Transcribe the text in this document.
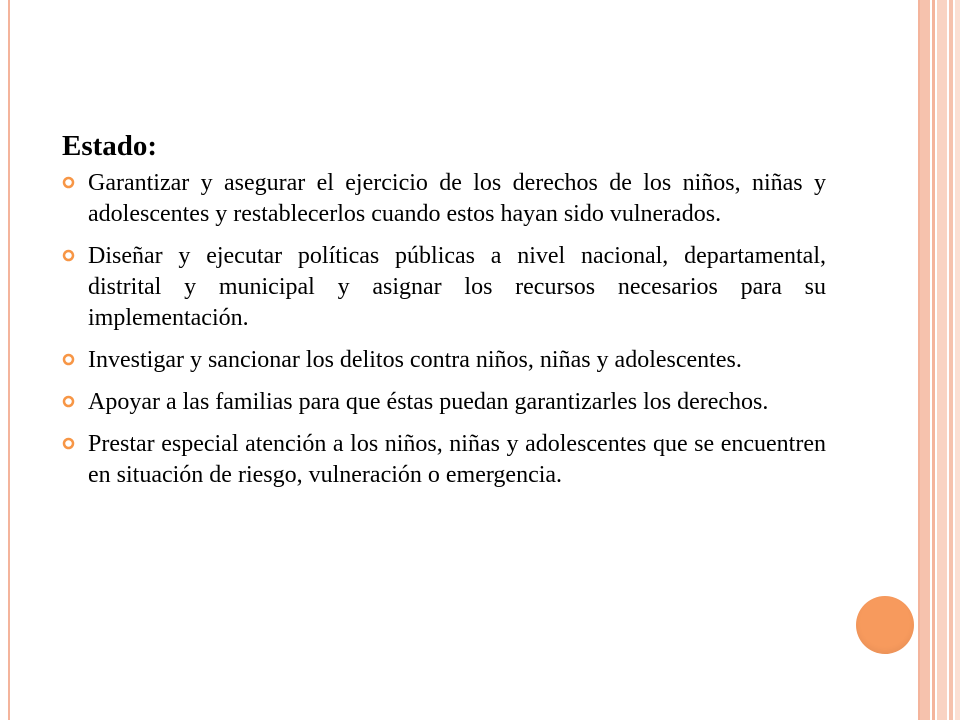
Estado:
Garantizar y asegurar el ejercicio de los derechos de los niños, niñas y adolescentes y restablecerlos cuando estos hayan sido vulnerados.
Diseñar y ejecutar políticas públicas a nivel nacional, departamental, distrital y municipal y asignar los recursos necesarios para su implementación.
Investigar y sancionar los delitos contra niños, niñas y adolescentes.
Apoyar a las familias para que éstas puedan garantizarles los derechos.
Prestar especial atención a los niños, niñas y adolescentes que se encuentren en situación de riesgo, vulneración o emergencia.
